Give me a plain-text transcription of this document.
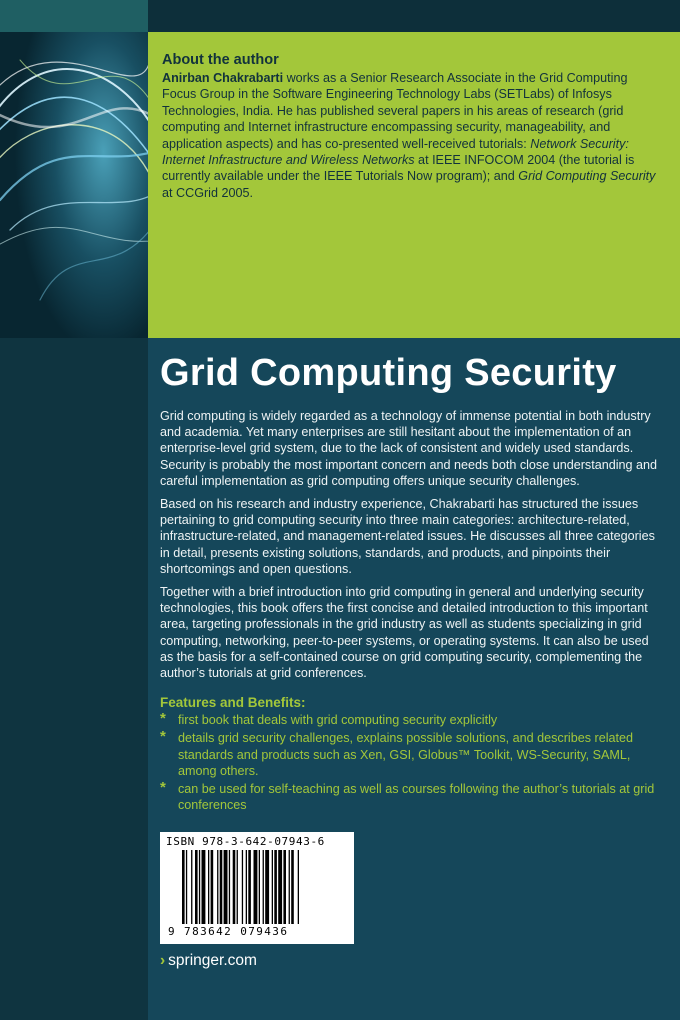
About the author

Anirban Chakrabarti works as a Senior Research Associate in the Grid Computing Focus Group in the Software Engineering Technology Labs (SETLabs) of Infosys Technologies, India. He has published several papers in his areas of research (grid computing and Internet infrastructure encompassing security, manageability, and application aspects) and has co-presented well-received tutorials: Network Security: Internet Infrastructure and Wireless Networks at IEEE INFOCOM 2004 (the tutorial is currently available under the IEEE Tutorials Now program); and Grid Computing Security at CCGrid 2005.

Grid Computing Security

Grid computing is widely regarded as a technology of immense potential in both industry and academia. Yet many enterprises are still hesitant about the implementation of an enterprise-level grid system, due to the lack of consistent and widely used standards. Security is probably the most important concern and needs both close understanding and careful implementation as grid computing offers unique security challenges.

Based on his research and industry experience, Chakrabarti has structured the issues pertaining to grid computing security into three main categories: architecture-related, infrastructure-related, and management-related issues. He discusses all three categories in detail, presents existing solutions, standards, and products, and pinpoints their shortcomings and open questions.

Together with a brief introduction into grid computing in general and underlying security technologies, this book offers the first concise and detailed introduction to this important area, targeting professionals in the grid industry as well as students specializing in grid computing, networking, peer-to-peer systems, or operating systems. It can also be used as the basis for a self-contained course on grid computing security, complementing the author’s tutorials at grid conferences.

Features and Benefits:
* first book that deals with grid computing security explicitly
* details grid security challenges, explains possible solutions, and describes related standards and products such as Xen, GSI, Globus™ Toolkit, WS-Security, SAML, among others.
* can be used for self-teaching as well as courses following the author’s tutorials at grid conferences
ISBN 978-3-642-07943-6
9 783642 079436
› springer.com
